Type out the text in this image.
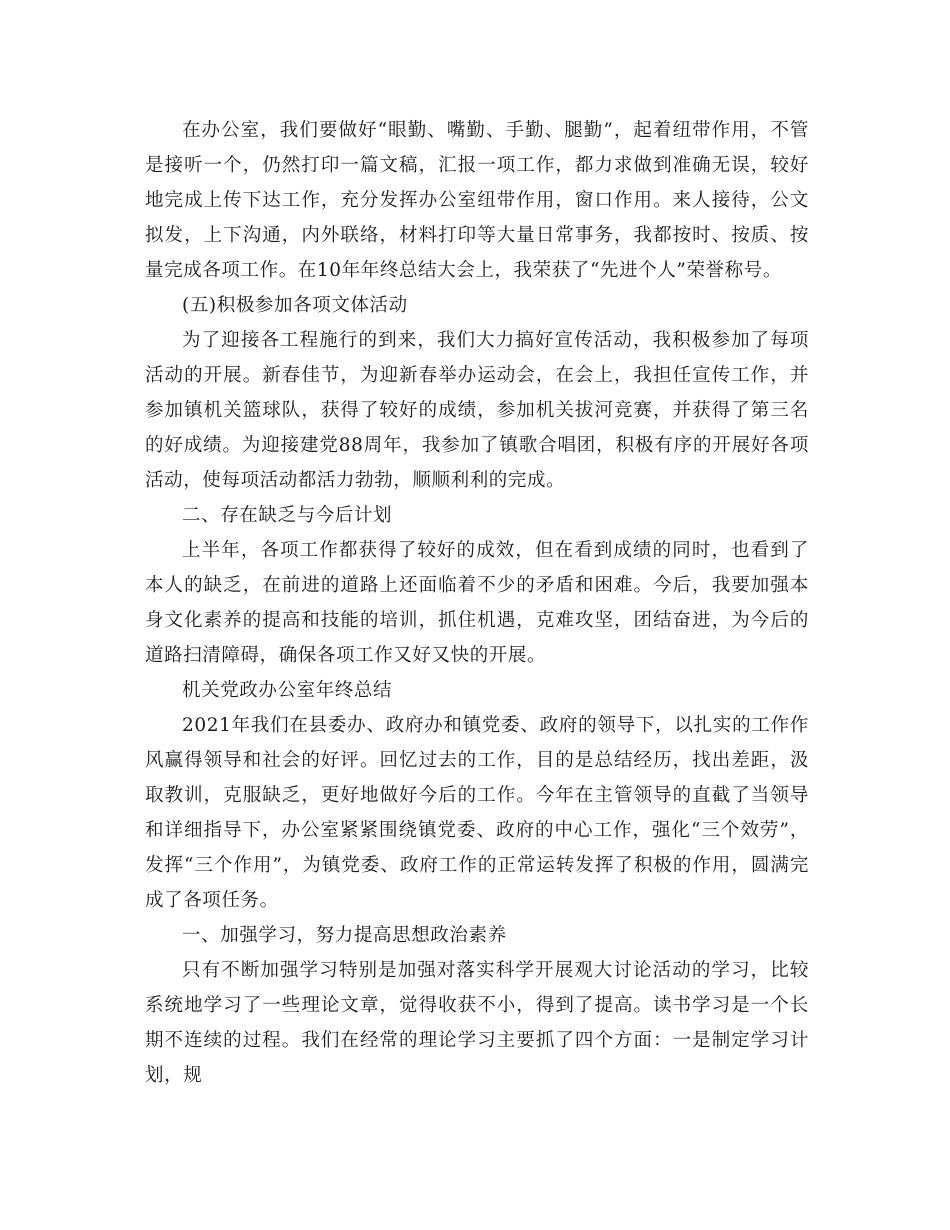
在办公室，我们要做好“眼勤、嘴勤、手勤、腿勤”，起着纽带作用，不管是接听一个，仍然打印一篇文稿，汇报一项工作，都力求做到准确无误，较好地完成上传下达工作，充分发挥办公室纽带作用，窗口作用。来人接待，公文拟发，上下沟通，内外联络，材料打印等大量日常事务，我都按时、按质、按量完成各项工作。在10年年终总结大会上，我荣获了“先进个人”荣誉称号。

(五)积极参加各项文体活动

为了迎接各工程施行的到来，我们大力搞好宣传活动，我积极参加了每项活动的开展。新春佳节，为迎新春举办运动会，在会上，我担任宣传工作，并参加镇机关篮球队，获得了较好的成绩，参加机关拔河竞赛，并获得了第三名的好成绩。为迎接建党88周年，我参加了镇歌合唱团，积极有序的开展好各项活动，使每项活动都活力勃勃，顺顺利利的完成。

二、存在缺乏与今后计划

上半年，各项工作都获得了较好的成效，但在看到成绩的同时，也看到了本人的缺乏，在前进的道路上还面临着不少的矛盾和困难。今后，我要加强本身文化素养的提高和技能的培训，抓住机遇，克难攻坚，团结奋进，为今后的道路扫清障碍，确保各项工作又好又快的开展。

机关党政办公室年终总结

2021年我们在县委办、政府办和镇党委、政府的领导下，以扎实的工作作风赢得领导和社会的好评。回忆过去的工作，目的是总结经历，找出差距，汲取教训，克服缺乏，更好地做好今后的工作。今年在主管领导的直截了当领导和详细指导下，办公室紧紧围绕镇党委、政府的中心工作，强化“三个效劳”，发挥“三个作用”，为镇党委、政府工作的正常运转发挥了积极的作用，圆满完成了各项任务。

一、加强学习，努力提高思想政治素养

只有不断加强学习特别是加强对落实科学开展观大讨论活动的学习，比较系统地学习了一些理论文章，觉得收获不小，得到了提高。读书学习是一个长期不连续的过程。我们在经常的理论学习主要抓了四个方面：一是制定学习计划，规
